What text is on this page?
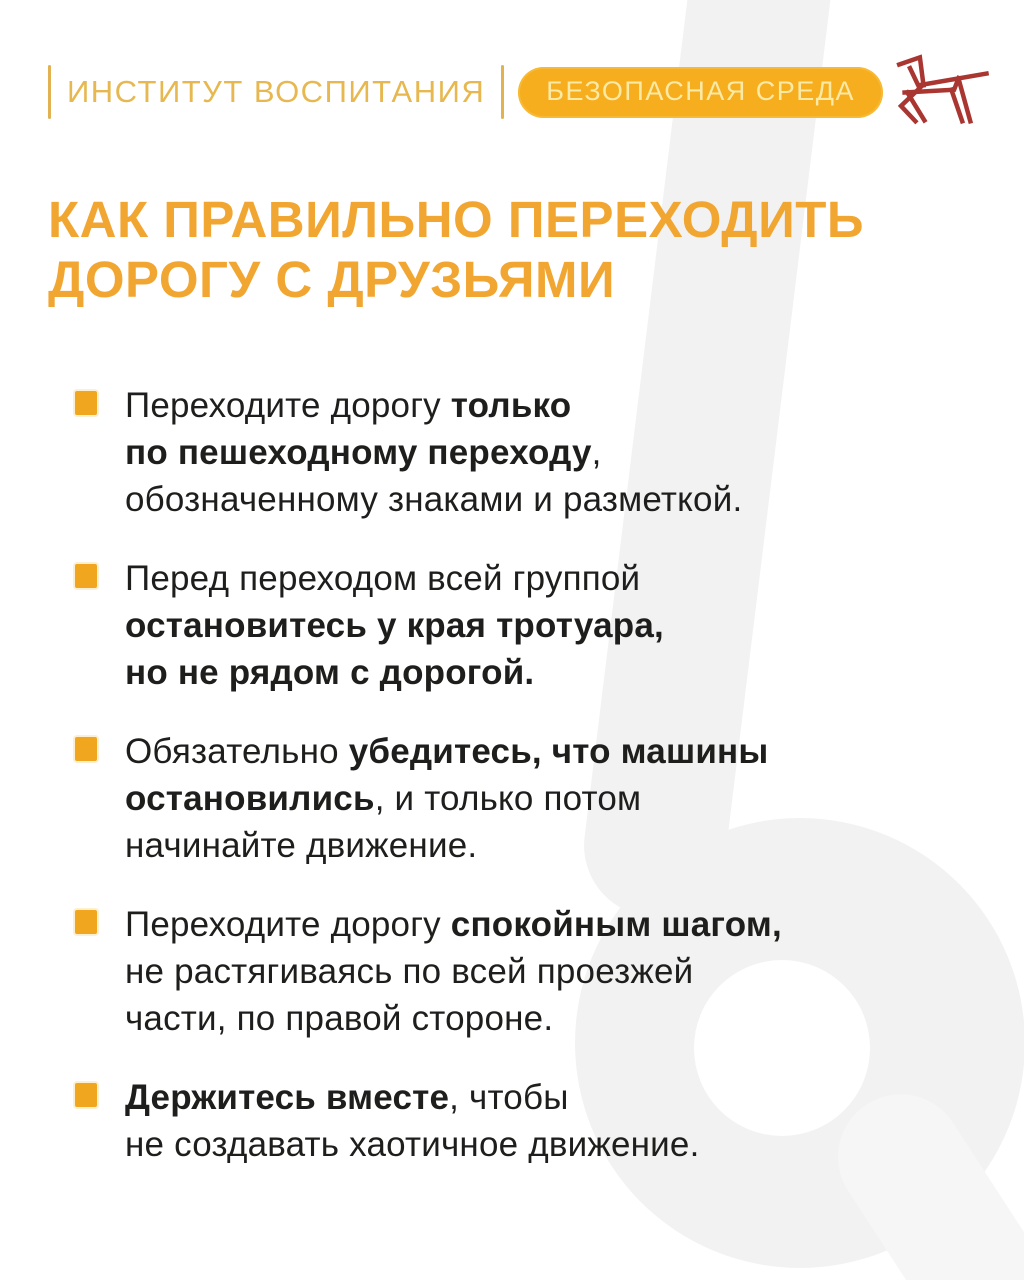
ИНСТИТУТ ВОСПИТАНИЯ	БЕЗОПАСНАЯ СРЕДА
КАК ПРАВИЛЬНО ПЕРЕХОДИТЬ
ДОРОГУ С ДРУЗЬЯМИ

Переходите дорогу только
по пешеходному переходу,
обозначенному знаками и разметкой.

Перед переходом всей группой
остановитесь у края тротуара,
но не рядом с дорогой.

Обязательно убедитесь, что машины
остановились, и только потом
начинайте движение.

Переходите дорогу спокойным шагом,
не растягиваясь по всей проезжей
части, по правой стороне.

Держитесь вместе, чтобы
не создавать хаотичное движение.
